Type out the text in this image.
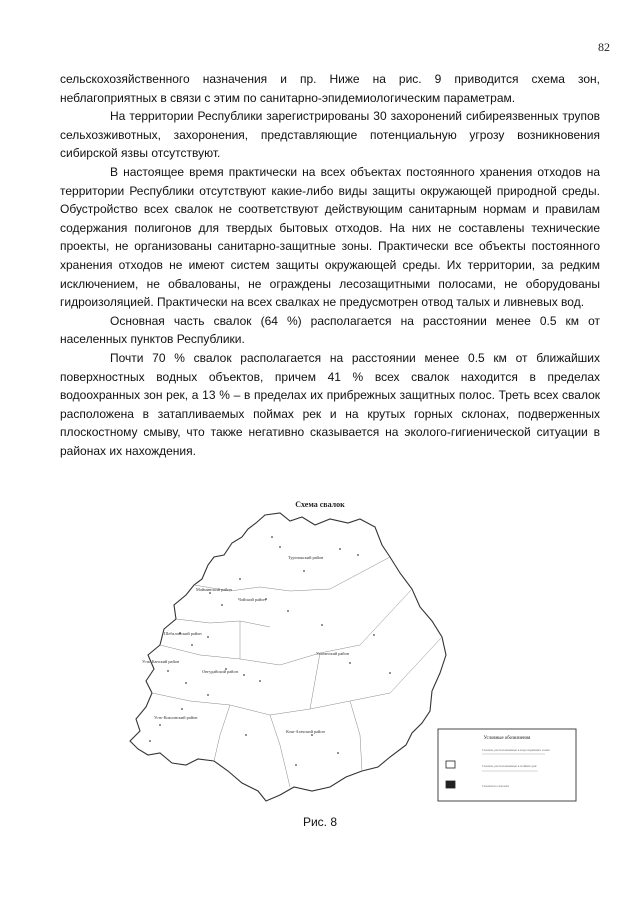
82

сельскохозяйственного назначения и пр. Ниже на рис. 9 приводится схема зон, неблагоприятных в связи с этим по санитарно-эпидемиологическим параметрам.

На территории Республики зарегистрированы 30 захоронений сибиреязвенных трупов сельхозживотных, захоронения, представляющие потенциальную угрозу возникновения сибирской язвы отсутствуют.

В настоящее время практически на всех объектах постоянного хранения отходов на территории Республики отсутствуют какие-либо виды защиты окружающей природной среды. Обустройство всех свалок не соответствуют действующим санитарным нормам и правилам содержания полигонов для твердых бытовых отходов. На них не составлены технические проекты, не организованы санитарно-защитные зоны. Практически все объекты постоянного хранения отходов не имеют систем защиты окружающей среды. Их территории, за редким исключением, не обвалованы, не ограждены лесозащитными полосами, не оборудованы гидроизоляцией. Практически на всех свалках не предусмотрен отвод талых и ливневых вод.

Основная часть свалок (64 %) располагается на расстоянии менее 0.5 км от населенных пунктов Республики.

Почти 70 % свалок располагается на расстоянии менее 0.5 км от ближайших поверхностных водных объектов, причем 41 % всех свалок находится в пределах водоохранных зон рек, а 13 % – в пределах их прибрежных защитных полос. Треть всех свалок расположена в затапливаемых поймах рек и на крутых горных склонах, подверженных плоскостному смыву, что также негативно сказывается на эколого-гигиенической ситуации в районах их нахождения.

Схема свалок
Турочакский район
Майминский район
Чойский район
Шебалинский район
Усть-Канский район
Онгудайский район
Улаганский район
Усть-Коксинский район
Кош-Агачский район
Условные обозначения
Свалки, расположенные в водоохранных зонах
Свалки, расположенные в поймах рек
Свалки на склонах
Рис. 8
